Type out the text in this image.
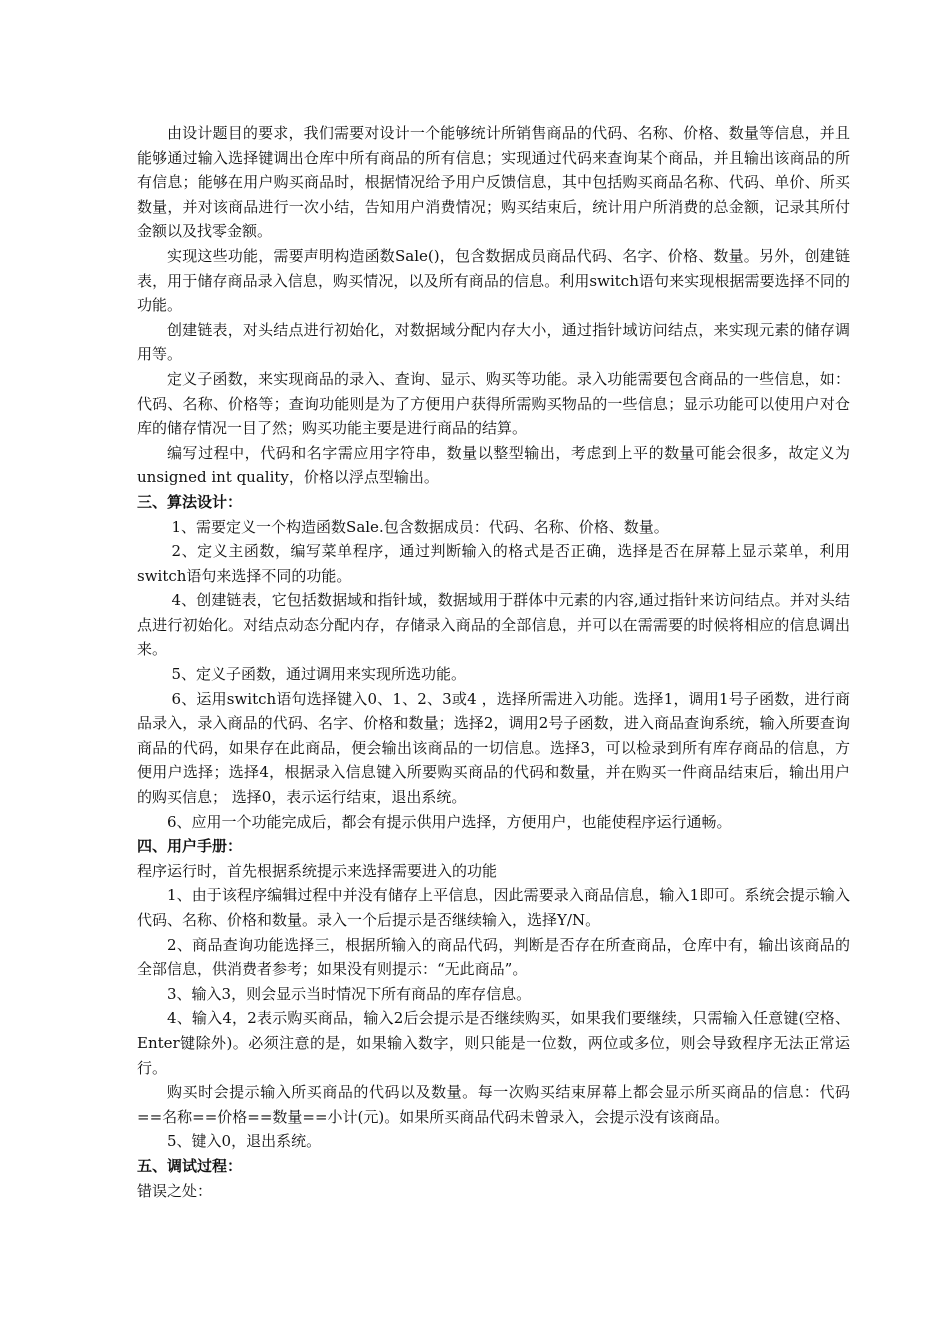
由设计题目的要求，我们需要对设计一个能够统计所销售商品的代码、名称、价格、数量等信息，并且能够通过输入选择键调出仓库中所有商品的所有信息；实现通过代码来查询某个商品，并且输出该商品的所有信息；能够在用户购买商品时，根据情况给予用户反馈信息，其中包括购买商品名称、代码、单价、所买数量，并对该商品进行一次小结，告知用户消费情况；购买结束后，统计用户所消费的总金额，记录其所付金额以及找零金额。

实现这些功能，需要声明构造函数Sale()，包含数据成员商品代码、名字、价格、数量。另外，创建链表，用于储存商品录入信息，购买情况，以及所有商品的信息。利用switch语句来实现根据需要选择不同的功能。

创建链表，对头结点进行初始化，对数据域分配内存大小，通过指针域访问结点，来实现元素的储存调用等。

定义子函数，来实现商品的录入、查询、显示、购买等功能。录入功能需要包含商品的一些信息，如：代码、名称、价格等；查询功能则是为了方便用户获得所需购买物品的一些信息；显示功能可以使用户对仓库的储存情况一目了然；购买功能主要是进行商品的结算。

编写过程中，代码和名字需应用字符串，数量以整型输出，考虑到上平的数量可能会很多，故定义为unsigned int quality，价格以浮点型输出。

三、算法设计：

1、需要定义一个构造函数Sale.包含数据成员：代码、名称、价格、数量。

2、定义主函数，编写菜单程序，通过判断输入的格式是否正确，选择是否在屏幕上显示菜单，利用switch语句来选择不同的功能。

4、创建链表，它包括数据域和指针域，数据域用于群体中元素的内容,通过指针来访问结点。并对头结点进行初始化。对结点动态分配内存，存储录入商品的全部信息，并可以在需需要的时候将相应的信息调出来。

5、定义子函数，通过调用来实现所选功能。

6、运用switch语句选择键入0、1、2、3或4 ，选择所需进入功能。选择1，调用1号子函数，进行商品录入，录入商品的代码、名字、价格和数量；选择2，调用2号子函数，进入商品查询系统，输入所要查询商品的代码，如果存在此商品，便会输出该商品的一切信息。选择3，可以检录到所有库存商品的信息，方便用户选择；选择4，根据录入信息键入所要购买商品的代码和数量，并在购买一件商品结束后，输出用户的购买信息； 选择0，表示运行结束，退出系统。

6、应用一个功能完成后，都会有提示供用户选择，方便用户，也能使程序运行通畅。

四、用户手册：

程序运行时，首先根据系统提示来选择需要进入的功能

1、由于该程序编辑过程中并没有储存上平信息，因此需要录入商品信息，输入1即可。系统会提示输入代码、名称、价格和数量。录入一个后提示是否继续输入，选择Y/N。

2、商品查询功能选择三，根据所输入的商品代码，判断是否存在所查商品，仓库中有，输出该商品的全部信息，供消费者参考；如果没有则提示：“无此商品”。

3、输入3，则会显示当时情况下所有商品的库存信息。

4、输入4，2表示购买商品，输入2后会提示是否继续购买，如果我们要继续，只需输入任意键(空格、Enter键除外)。必须注意的是，如果输入数字，则只能是一位数，两位或多位，则会导致程序无法正常运行。

购买时会提示输入所买商品的代码以及数量。每一次购买结束屏幕上都会显示所买商品的信息：代码==名称==价格==数量==小计(元)。如果所买商品代码未曾录入，会提示没有该商品。

5、键入0，退出系统。

五、调试过程：

错误之处：
